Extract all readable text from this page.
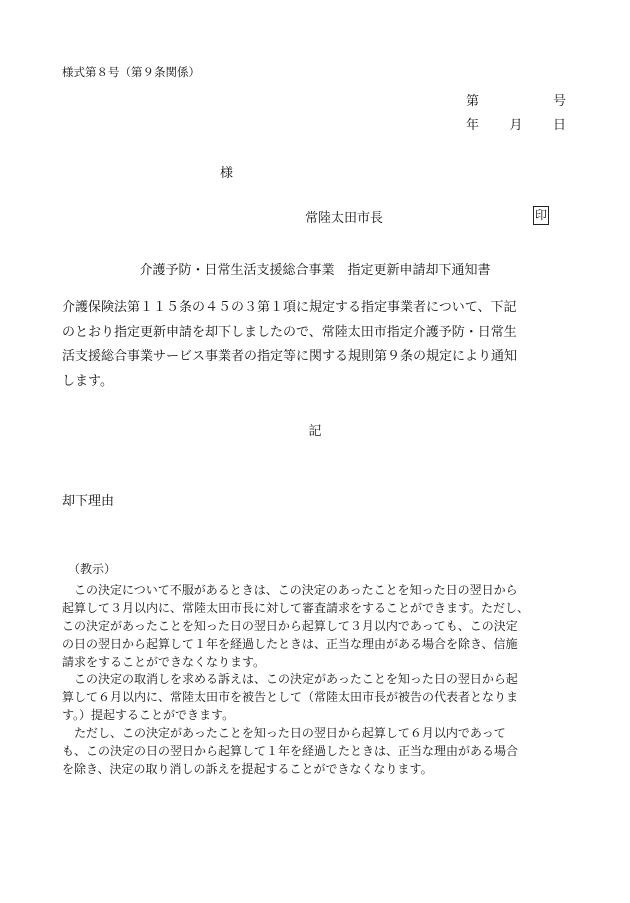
様式第８号（第９条関係）
第	号
年 月 日
様
常陸太田市長	印
介護予防・日常生活支援総合事業　指定更新申請却下通知書
介護保険法第１１５条の４５の３第１項に規定する指定事業者について、下記
のとおり指定更新申請を却下しましたので、常陸太田市指定介護予防・日常生
活支援総合事業サービス事業者の指定等に関する規則第９条の規定により通知
します。
記
却下理由
（教示）
　この決定について不服があるときは、この決定のあったことを知った日の翌日から
起算して３月以内に、常陸太田市長に対して審査請求をすることができます。ただし、
この決定があったことを知った日の翌日から起算して３月以内であっても、この決定
の日の翌日から起算して１年を経過したときは、正当な理由がある場合を除き、信施
請求をすることができなくなります。
　この決定の取消しを求める訴えは、この決定があったことを知った日の翌日から起
算して６月以内に、常陸太田市を被告として（常陸太田市長が被告の代表者となりま
す。）提起することができます。
　ただし、この決定があったことを知った日の翌日から起算して６月以内であって
も、この決定の日の翌日から起算して１年を経過したときは、正当な理由がある場合
を除き、決定の取り消しの訴えを提起することができなくなります。
